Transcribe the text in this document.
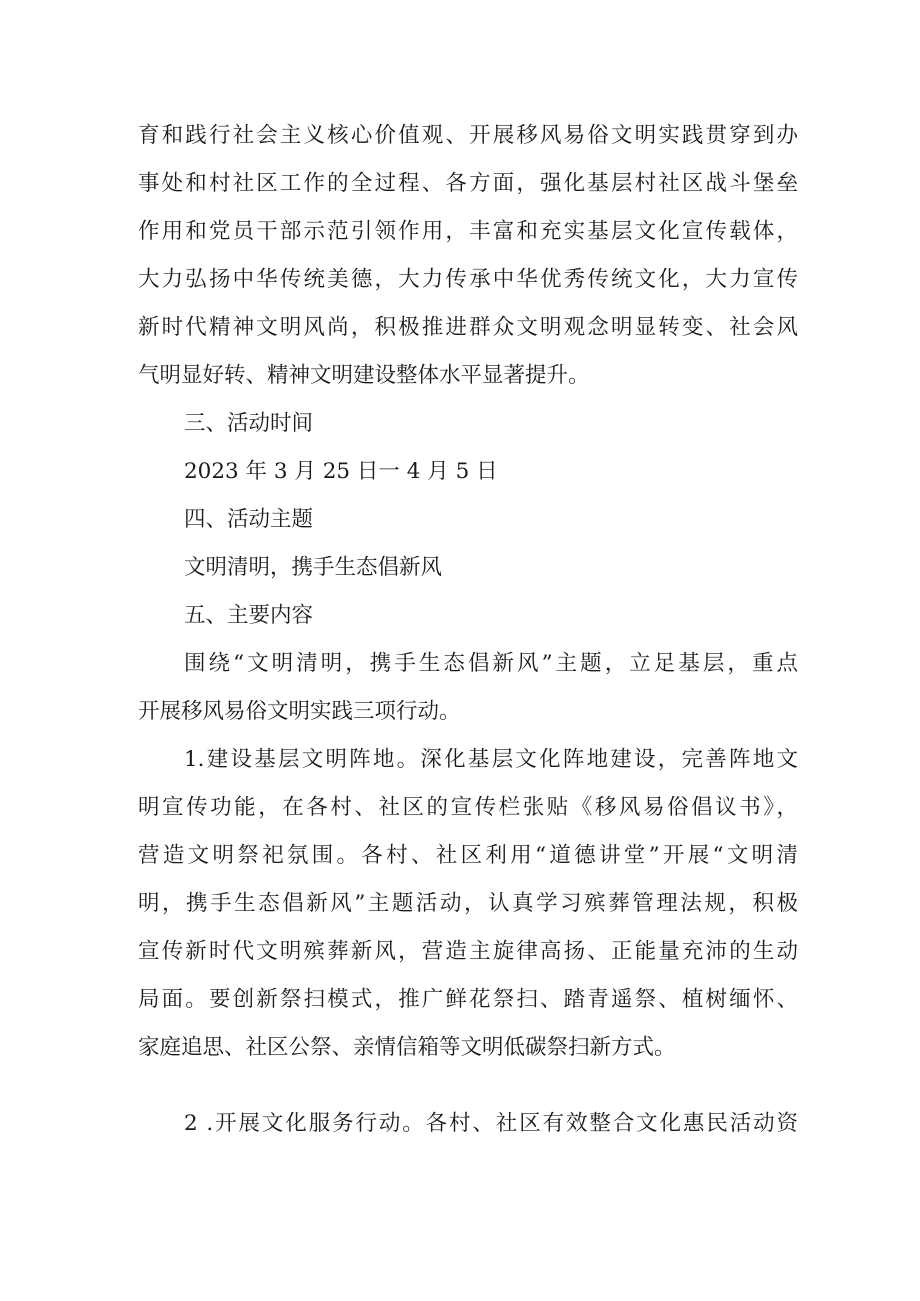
育和践行社会主义核心价值观、开展移风易俗文明实践贯穿到办
事处和村社区工作的全过程、各方面，强化基层村社区战斗堡垒
作用和党员干部示范引领作用，丰富和充实基层文化宣传载体，
大力弘扬中华传统美德，大力传承中华优秀传统文化，大力宣传
新时代精神文明风尚，积极推进群众文明观念明显转变、社会风
气明显好转、精神文明建设整体水平显著提升。
三、活动时间
2023 年 3 月 25 日一 4 月 5 日
四、活动主题
文明清明，携手生态倡新风
五、主要内容
围绕“文明清明，携手生态倡新风”主题，立足基层，重点
开展移风易俗文明实践三项行动。
1.建设基层文明阵地。深化基层文化阵地建设，完善阵地文
明宣传功能，在各村、社区的宣传栏张贴《移风易俗倡议书》，
营造文明祭祀氛围。各村、社区利用“道德讲堂”开展“文明清
明，携手生态倡新风”主题活动，认真学习殡葬管理法规，积极
宣传新时代文明殡葬新风，营造主旋律高扬、正能量充沛的生动
局面。要创新祭扫模式，推广鲜花祭扫、踏青遥祭、植树缅怀、
家庭追思、社区公祭、亲情信箱等文明低碳祭扫新方式。
2 .开展文化服务行动。各村、社区有效整合文化惠民活动资
